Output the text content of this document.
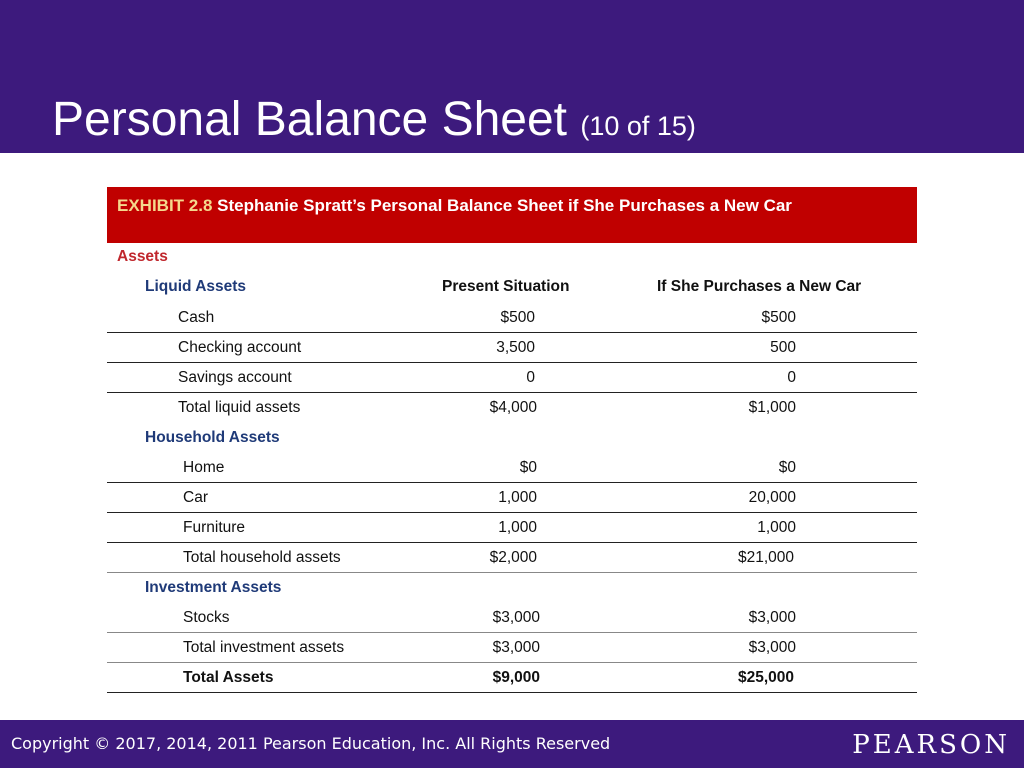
Personal Balance Sheet (10 of 15)
EXHIBIT 2.8 Stephanie Spratt’s Personal Balance Sheet if She Purchases a New Car
Assets
Liquid Assets	Present Situation	If She Purchases a New Car
Cash	$500	$500
Checking account	3,500	500
Savings account	0	0
Total liquid assets	$4,000	$1,000
Household Assets
Home	$0	$0
Car	1,000	20,000
Furniture	1,000	1,000
Total household assets	$2,000	$21,000
Investment Assets
Stocks	$3,000	$3,000
Total investment assets	$3,000	$3,000
Total Assets	$9,000	$25,000
Copyright © 2017, 2014, 2011 Pearson Education, Inc. All Rights Reserved	PEARSON
